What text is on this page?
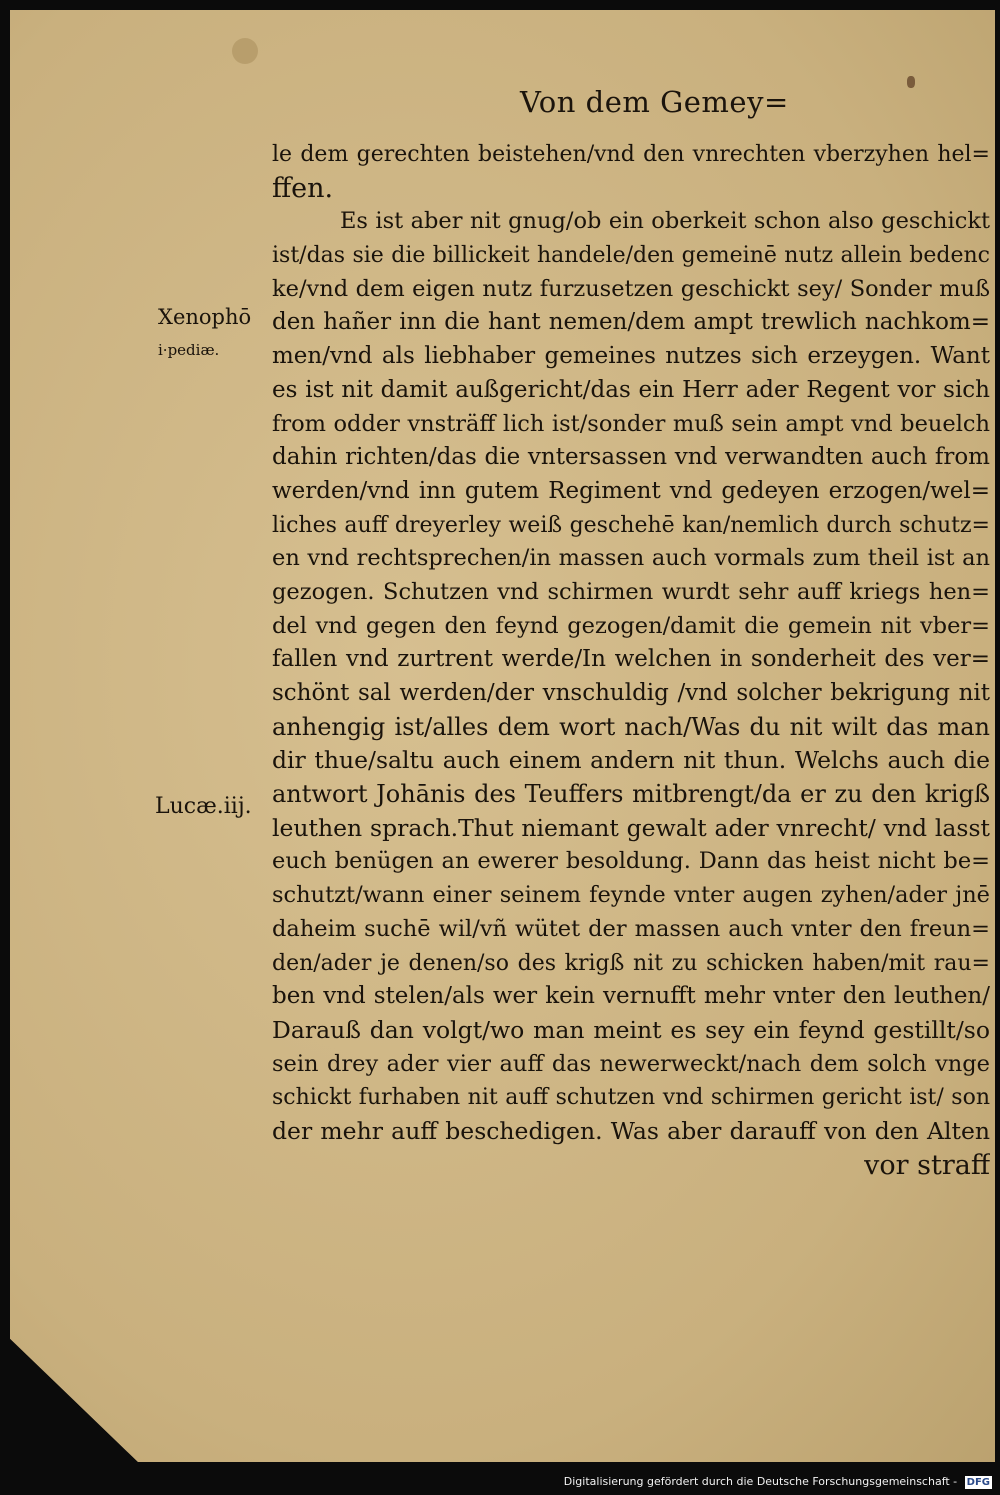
Von dem Gemey=
Xenophō
i·pediæ.
Lucæ.iij.
le dem gerechten beistehen/vnd den vnrechten vberzyhen hel=
ffen.
Es ist aber nit gnug/ob ein oberkeit schon also geschickt
ist/das sie die billickeit handele/den gemeinē nutz allein bedenc
ke/vnd dem eigen nutz furzusetzen geschickt sey/ Sonder muß
den hañer inn die hant nemen/dem ampt trewlich nachkom=
men/vnd als liebhaber gemeines nutzes sich erzeygen. Want
es ist nit damit außgericht/das ein Herr ader Regent vor sich
from odder vnsträff lich ist/sonder muß sein ampt vnd beuelch
dahin richten/das die vntersassen vnd verwandten auch from
werden/vnd inn gutem Regiment vnd gedeyen erzogen/wel=
liches auff dreyerley weiß geschehē kan/nemlich durch schutz=
en vnd rechtsprechen/in massen auch vormals zum theil ist an
gezogen. Schutzen vnd schirmen wurdt sehr auff kriegs hen=
del vnd gegen den feynd gezogen/damit die gemein nit vber=
fallen vnd zurtrent werde/In welchen in sonderheit des ver=
schönt sal werden/der vnschuldig /vnd solcher bekrigung nit
anhengig ist/alles dem wort nach/Was du nit wilt das man
dir thue/saltu auch einem andern nit thun. Welchs auch die
antwort Johānis des Teuffers mitbrengt/da er zu den krigß
leuthen sprach.Thut niemant gewalt ader vnrecht/ vnd lasst
euch benügen an ewerer besoldung. Dann das heist nicht be=
schutzt/wann einer seinem feynde vnter augen zyhen/ader jnē
daheim suchē wil/vñ wütet der massen auch vnter den freun=
den/ader je denen/so des krigß nit zu schicken haben/mit rau=
ben vnd stelen/als wer kein vernufft mehr vnter den leuthen/
Darauß dan volgt/wo man meint es sey ein feynd gestillt/so
sein drey ader vier auff das newerweckt/nach dem solch vnge
schickt furhaben nit auff schutzen vnd schirmen gericht ist/ son
der mehr auff beschedigen. Was aber darauff von den Alten
vor straff
Digitalisierung gefördert durch die Deutsche Forschungsgemeinschaft - DFG
